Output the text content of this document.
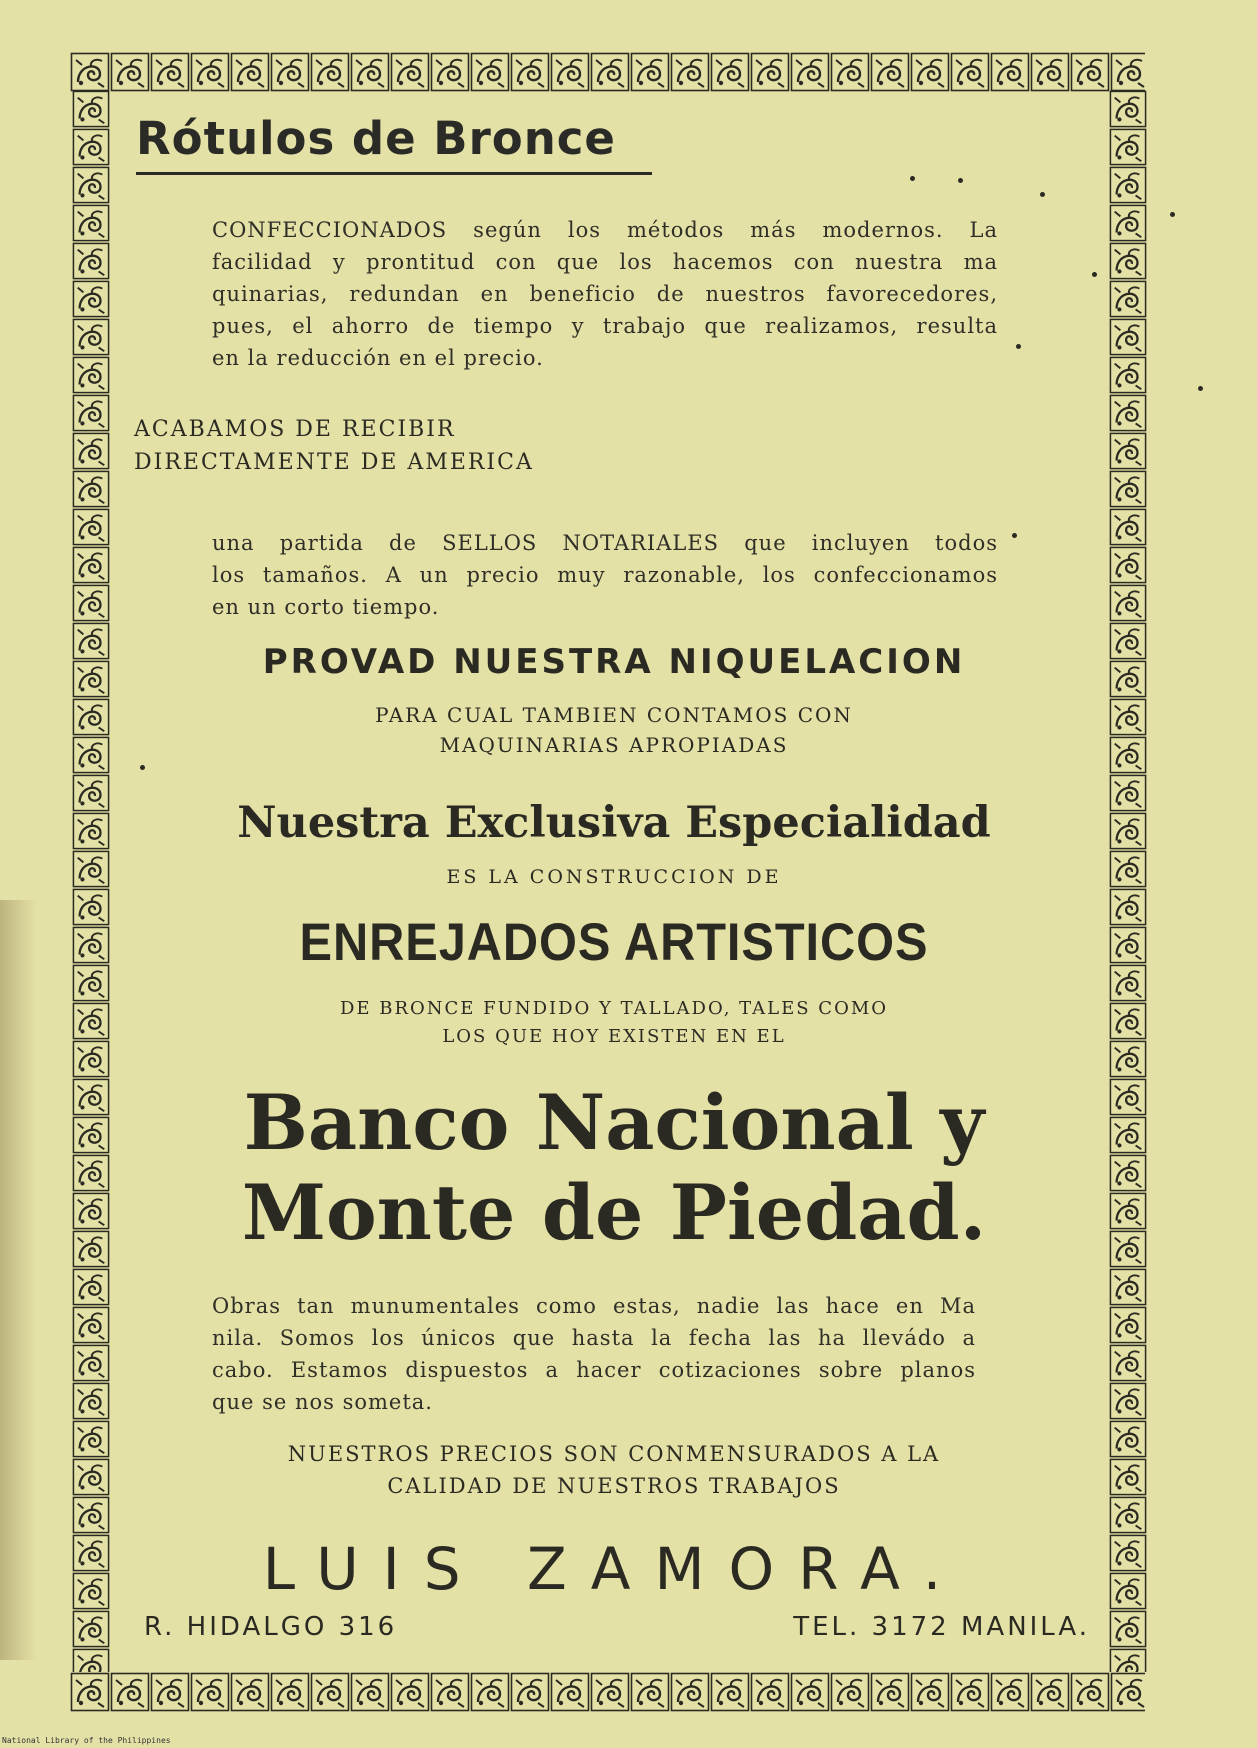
Rótulos de Bronce
CONFECCIONADOS según los métodos más modernos. La
facilidad y prontitud con que los hacemos con nuestra ma
quinarias, redundan en beneficio de nuestros favorecedores,
pues, el ahorro de tiempo y trabajo que realizamos, resulta
en la reducción en el precio.
ACABAMOS DE RECIBIR
DIRECTAMENTE DE AMERICA
una partida de SELLOS NOTARIALES que incluyen todos
los tamaños. A un precio muy razonable, los confeccionamos
en un corto tiempo.
PROVAD NUESTRA NIQUELACION
PARA CUAL TAMBIEN CONTAMOS CON
MAQUINARIAS APROPIADAS
Nuestra Exclusiva Especialidad
ES LA CONSTRUCCION DE
ENREJADOS ARTISTICOS
DE BRONCE FUNDIDO Y TALLADO, TALES COMO
LOS QUE HOY EXISTEN EN EL
Banco Nacional y
Monte de Piedad.
Obras tan munumentales como estas, nadie las hace en Ma
nila. Somos los únicos que hasta la fecha las ha llevádo a
cabo. Estamos dispuestos a hacer cotizaciones sobre planos
que se nos someta.
NUESTROS PRECIOS SON CONMENSURADOS A LA
CALIDAD DE NUESTROS TRABAJOS
LUIS ZAMORA.
R. HIDALGO 316	TEL. 3172 MANILA.
National Library of the Philippines
